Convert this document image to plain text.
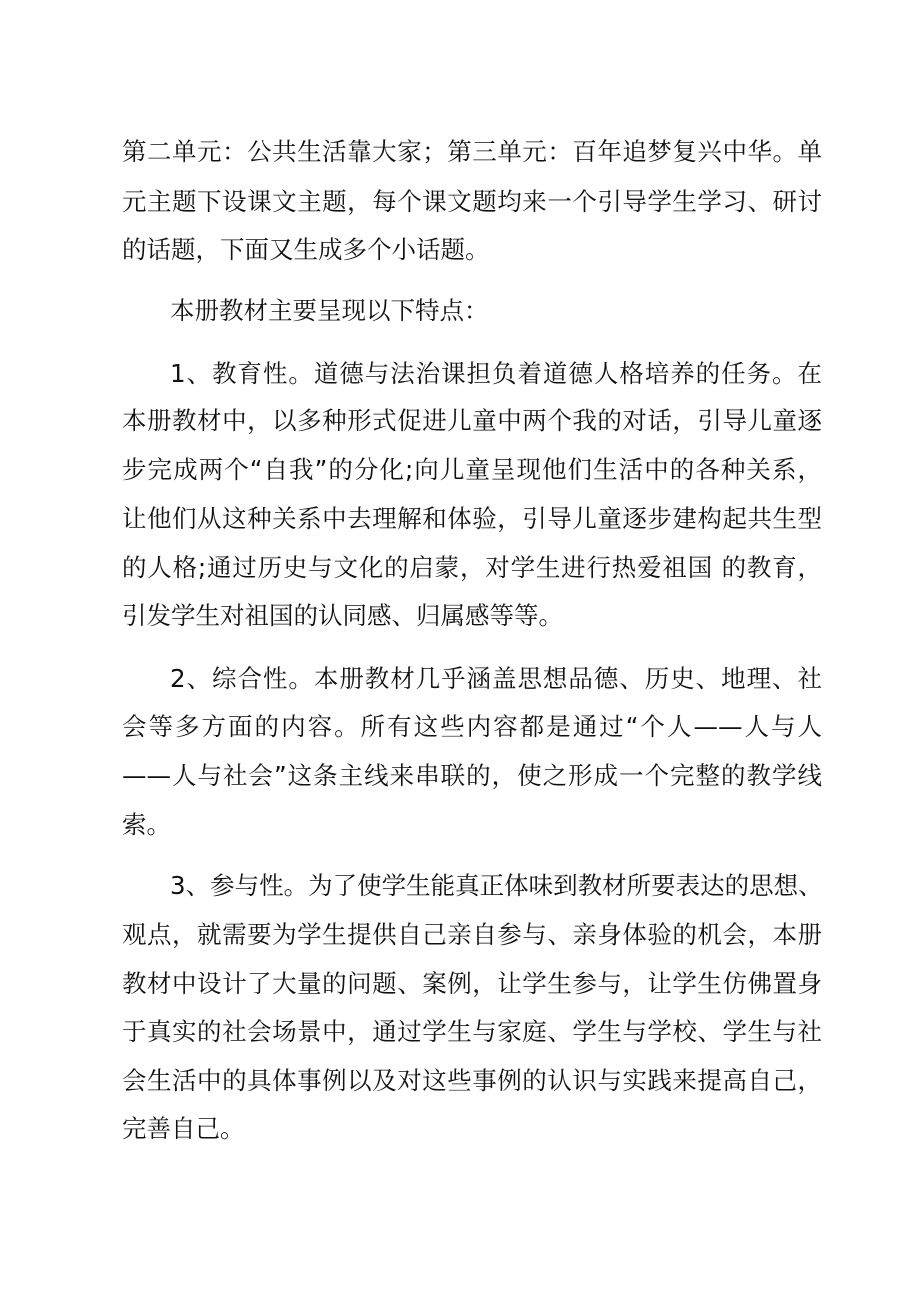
第二单元：公共生活靠大家；第三单元：百年追梦复兴中华。单
元主题下设课文主题，每个课文题均来一个引导学生学习、研讨
的话题，下面又生成多个小话题。
本册教材主要呈现以下特点：
1、教育性。道德与法治课担负着道德人格培养的任务。在
本册教材中，以多种形式促进儿童中两个我的对话，引导儿童逐
步完成两个“自我”的分化;向儿童呈现他们生活中的各种关系，
让他们从这种关系中去理解和体验，引导儿童逐步建构起共生型
的人格;通过历史与文化的启蒙，对学生进行热爱祖国 的教育，
引发学生对祖国的认同感、归属感等等。
2、综合性。本册教材几乎涵盖思想品德、历史、地理、社
会等多方面的内容。所有这些内容都是通过“个人——人与人
——人与社会”这条主线来串联的，使之形成一个完整的教学线
索。
3、参与性。为了使学生能真正体味到教材所要表达的思想、
观点，就需要为学生提供自己亲自参与、亲身体验的机会，本册
教材中设计了大量的问题、案例，让学生参与，让学生仿佛置身
于真实的社会场景中，通过学生与家庭、学生与学校、学生与社
会生活中的具体事例以及对这些事例的认识与实践来提高自己，
完善自己。
